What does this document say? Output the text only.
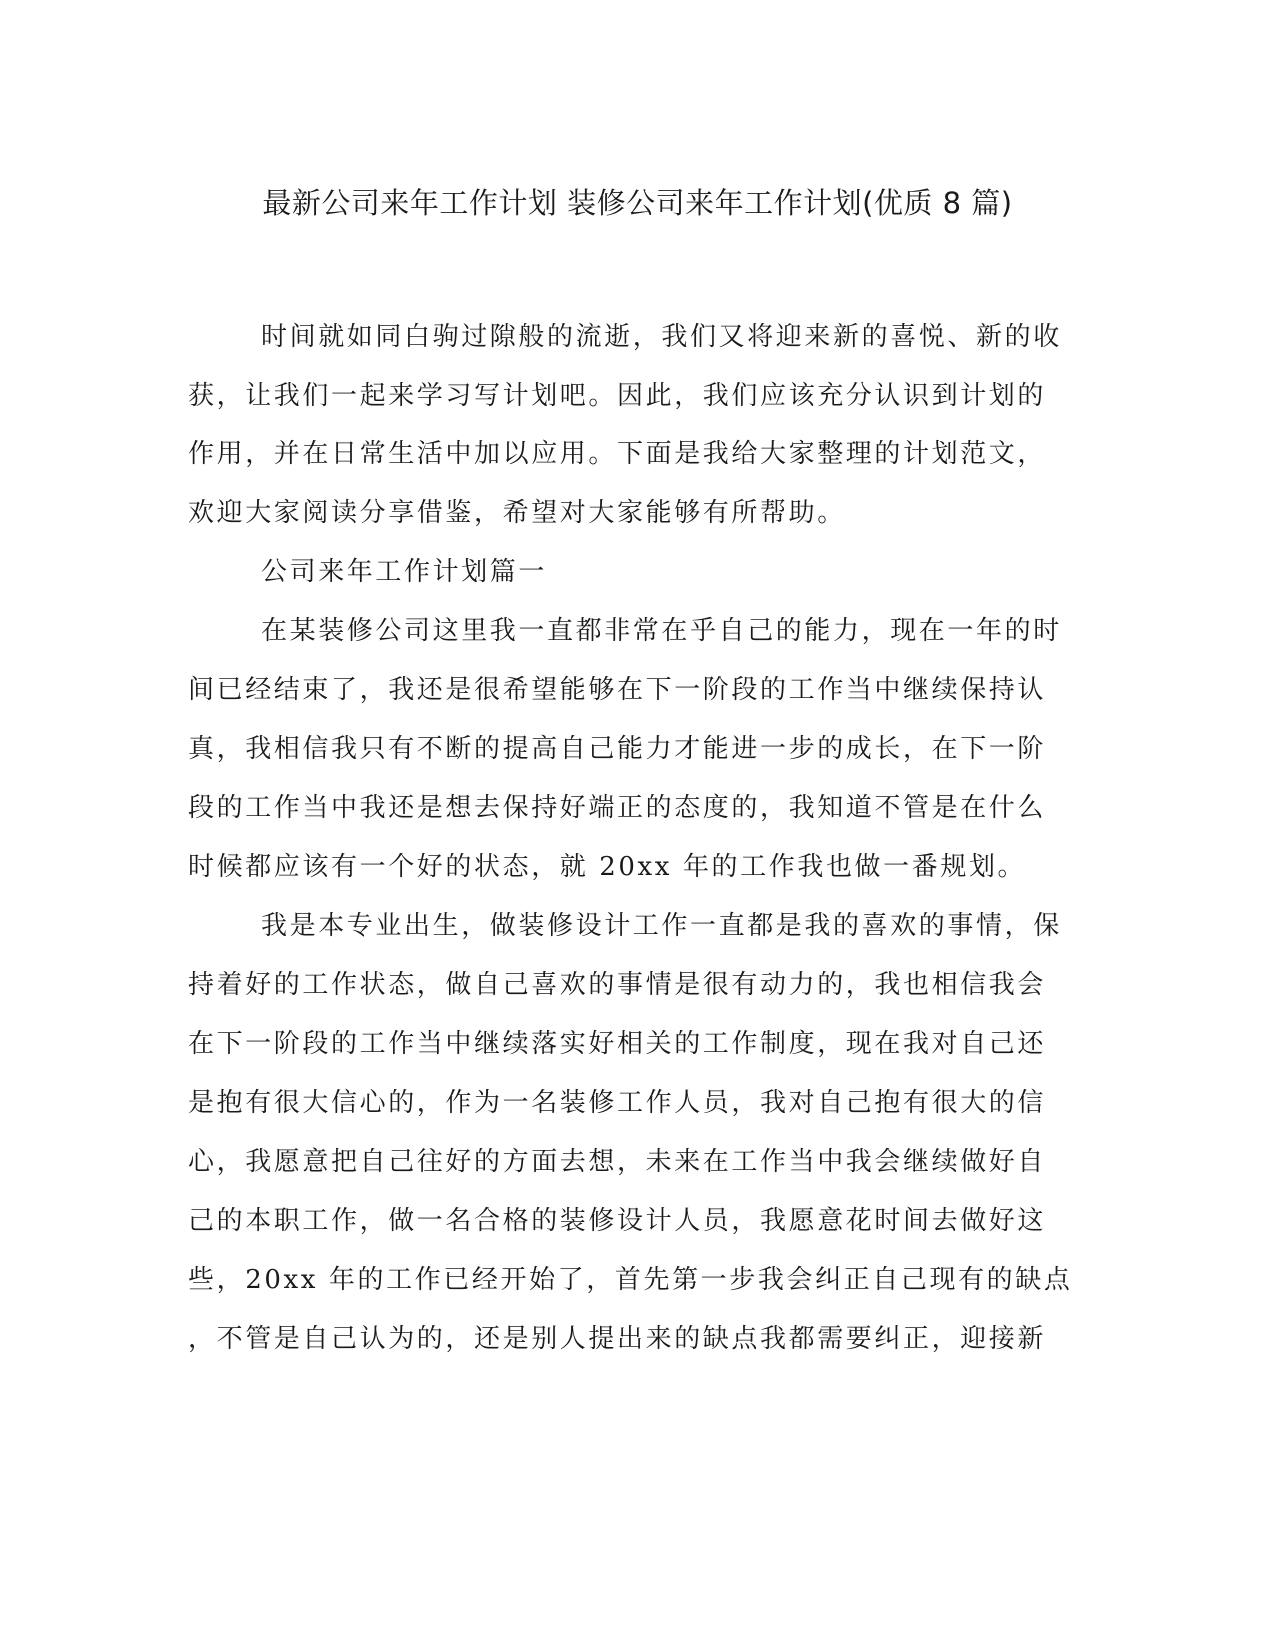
最新公司来年工作计划 装修公司来年工作计划(优质 8 篇)
时间就如同白驹过隙般的流逝，我们又将迎来新的喜悦、新的收
获，让我们一起来学习写计划吧。因此，我们应该充分认识到计划的
作用，并在日常生活中加以应用。下面是我给大家整理的计划范文，
欢迎大家阅读分享借鉴，希望对大家能够有所帮助。
公司来年工作计划篇一
在某装修公司这里我一直都非常在乎自己的能力，现在一年的时
间已经结束了，我还是很希望能够在下一阶段的工作当中继续保持认
真，我相信我只有不断的提高自己能力才能进一步的成长，在下一阶
段的工作当中我还是想去保持好端正的态度的，我知道不管是在什么
时候都应该有一个好的状态，就 20xx 年的工作我也做一番规划。
我是本专业出生，做装修设计工作一直都是我的喜欢的事情，保
持着好的工作状态，做自己喜欢的事情是很有动力的，我也相信我会
在下一阶段的工作当中继续落实好相关的工作制度，现在我对自己还
是抱有很大信心的，作为一名装修工作人员，我对自己抱有很大的信
心，我愿意把自己往好的方面去想，未来在工作当中我会继续做好自
己的本职工作，做一名合格的装修设计人员，我愿意花时间去做好这
些，20xx 年的工作已经开始了，首先第一步我会纠正自己现有的缺点
，不管是自己认为的，还是别人提出来的缺点我都需要纠正，迎接新
